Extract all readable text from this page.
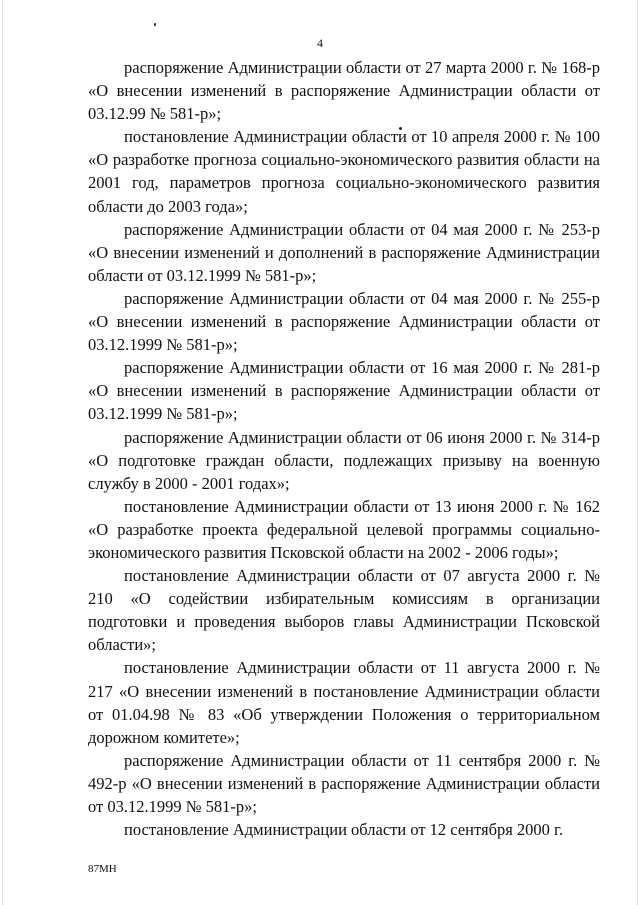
4

распоряжение Администрации области от 27 марта 2000 г. № 168-р «О внесении изменений в распоряжение Администрации области от 03.12.99 № 581-р»;

постановление Администрации области от 10 апреля 2000 г. № 100 «О разработке прогноза социально-экономического развития области на 2001 год, параметров прогноза социально-экономического развития области до 2003 года»;

распоряжение Администрации области от 04 мая 2000 г. № 253-р «О внесении изменений и дополнений в распоряжение Администрации области от 03.12.1999 № 581-р»;

распоряжение Администрации области от 04 мая 2000 г. № 255-р «О внесении изменений в распоряжение Администрации области от 03.12.1999 № 581-р»;

распоряжение Администрации области от 16 мая 2000 г. № 281-р «О внесении изменений в распоряжение Администрации области от 03.12.1999 № 581-р»;

распоряжение Администрации области от 06 июня 2000 г. № 314-р «О подготовке граждан области, подлежащих призыву на военную службу в 2000 - 2001 годах»;

постановление Администрации области от 13 июня 2000 г. № 162 «О разработке проекта федеральной целевой программы социально-экономического развития Псковской области на 2002 - 2006 годы»;

постановление Администрации области от 07 августа 2000 г. № 210 «О содействии избирательным комиссиям в организации подготовки и проведения выборов главы Администрации Псковской области»;

постановление Администрации области от 11 августа 2000 г. № 217 «О внесении изменений в постановление Администрации области от 01.04.98 № 83 «Об утверждении Положения о территориальном дорожном комитете»;

распоряжение Администрации области от 11 сентября 2000 г. № 492-р «О внесении изменений в распоряжение Администрации области от 03.12.1999 № 581-р»;

постановление Администрации области от 12 сентября 2000 г.

87МН
